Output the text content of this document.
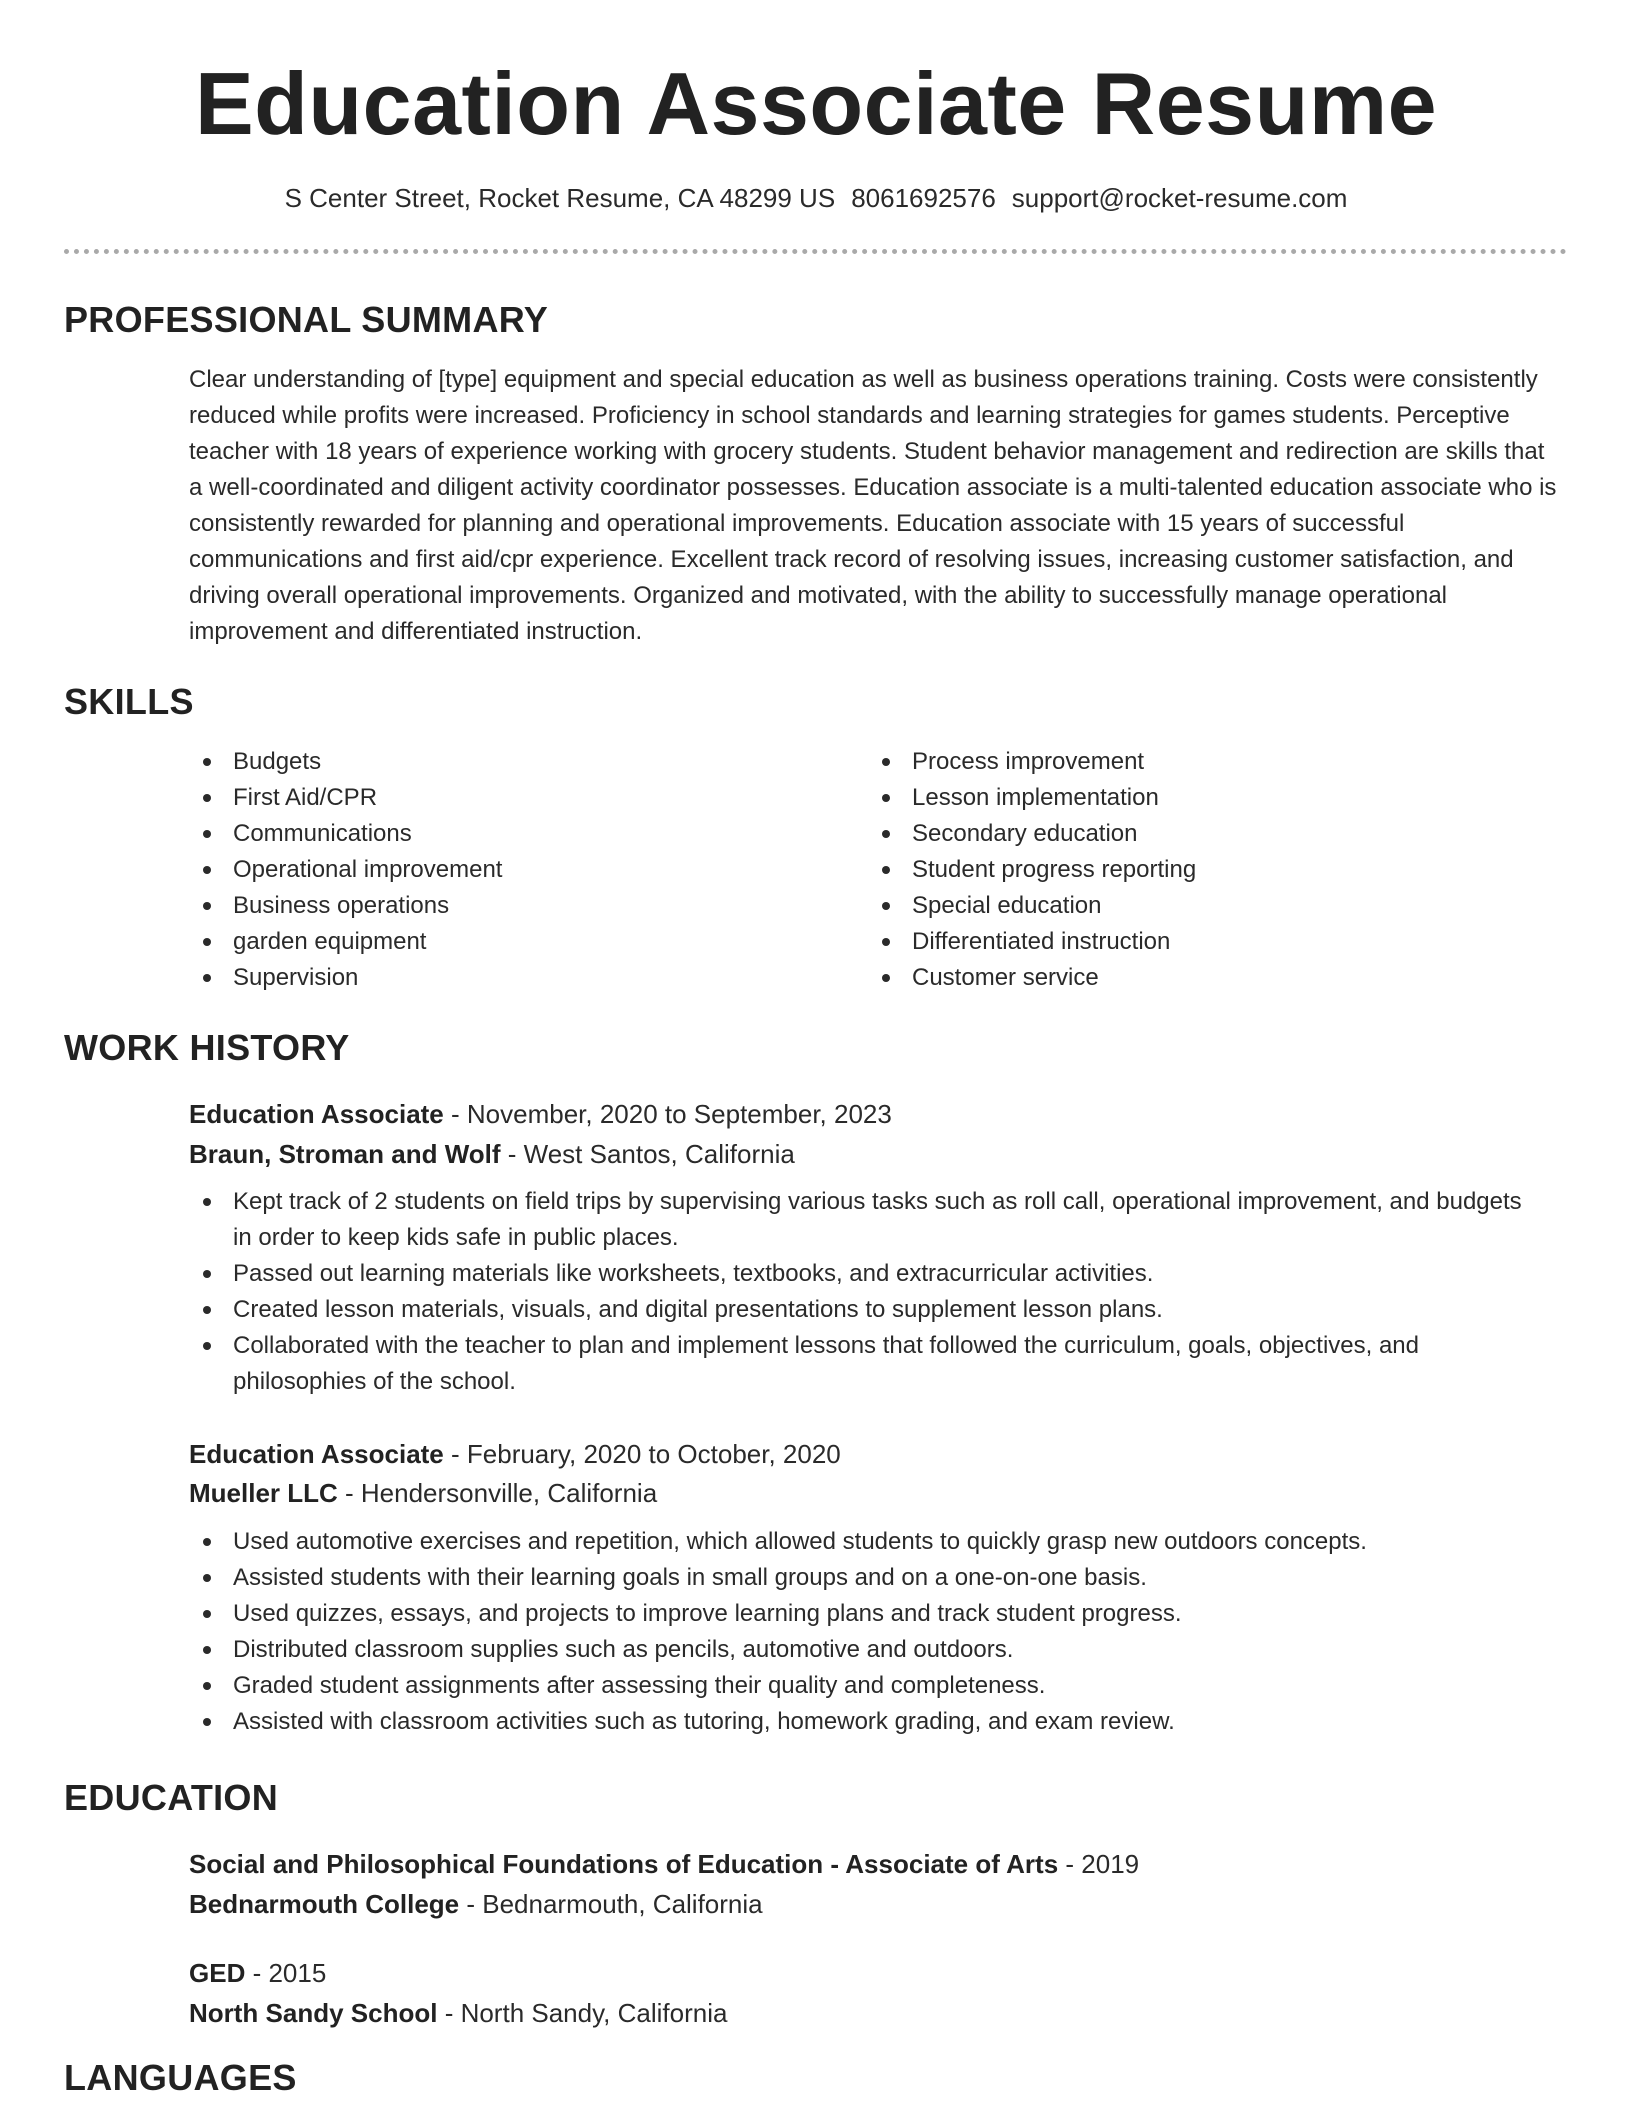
Education Associate Resume
S Center Street, Rocket Resume, CA 48299 US 8061692576 support@rocket-resume.com
PROFESSIONAL SUMMARY
Clear understanding of [type] equipment and special education as well as business operations training. Costs were consistently reduced while profits were increased. Proficiency in school standards and learning strategies for games students. Perceptive teacher with 18 years of experience working with grocery students. Student behavior management and redirection are skills that a well-coordinated and diligent activity coordinator possesses. Education associate is a multi-talented education associate who is consistently rewarded for planning and operational improvements. Education associate with 15 years of successful communications and first aid/cpr experience. Excellent track record of resolving issues, increasing customer satisfaction, and driving overall operational improvements. Organized and motivated, with the ability to successfully manage operational improvement and differentiated instruction.
SKILLS
Budgets
First Aid/CPR
Communications
Operational improvement
Business operations
garden equipment
Supervision
Process improvement
Lesson implementation
Secondary education
Student progress reporting
Special education
Differentiated instruction
Customer service
WORK HISTORY
Education Associate - November, 2020 to September, 2023
Braun, Stroman and Wolf - West Santos, California
Kept track of 2 students on field trips by supervising various tasks such as roll call, operational improvement, and budgets in order to keep kids safe in public places.
Passed out learning materials like worksheets, textbooks, and extracurricular activities.
Created lesson materials, visuals, and digital presentations to supplement lesson plans.
Collaborated with the teacher to plan and implement lessons that followed the curriculum, goals, objectives, and philosophies of the school.
Education Associate - February, 2020 to October, 2020
Mueller LLC - Hendersonville, California
Used automotive exercises and repetition, which allowed students to quickly grasp new outdoors concepts.
Assisted students with their learning goals in small groups and on a one-on-one basis.
Used quizzes, essays, and projects to improve learning plans and track student progress.
Distributed classroom supplies such as pencils, automotive and outdoors.
Graded student assignments after assessing their quality and completeness.
Assisted with classroom activities such as tutoring, homework grading, and exam review.
EDUCATION
Social and Philosophical Foundations of Education - Associate of Arts - 2019
Bednarmouth College - Bednarmouth, California
GED - 2015
North Sandy School - North Sandy, California
LANGUAGES
